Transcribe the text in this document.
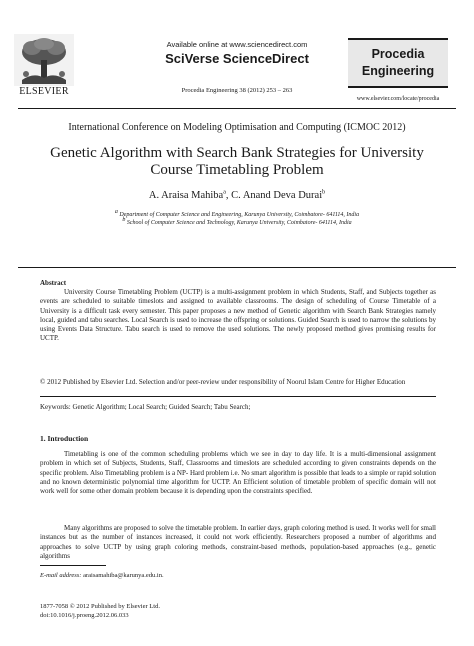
ELSEVIER
Available online at www.sciencedirect.com
SciVerse ScienceDirect
Procedia Engineering 38 (2012) 253 – 263
Procedia
Engineering
www.elsevier.com/locate/procedia
International Conference on Modeling Optimisation and Computing (ICMOC 2012)
Genetic Algorithm with Search Bank Strategies for University
Course Timetabling Problem
A. Araisa Mahiba$^a$, C. Anand Deva Durai$^b$
$^a$ Department of Computer Science and Engineering, Karunya University, Coimbatore- 641114, India
$^b$ School of Computer Science and Technology, Karunya University, Coimbatore- 641114, India
Abstract
University Course Timetabling Problem (UCTP) is a multi-assignment problem in which Students, Staff, and Subjects together as events are scheduled to suitable timeslots and assigned to available classrooms. The design of scheduling of Course Timetable of a University is a difficult task every semester. This paper proposes a new method of Genetic algorithm with Search Bank Strategies namely local, guided and tabu searches. Local Search is used to increase the offspring or solutions. Guided Search is used to narrow the solutions by using Events Data Structure. Tabu search is used to remove the used solutions. The newly proposed method gives promising results for UCTP.
© 2012 Published by Elsevier Ltd. Selection and/or peer-review under responsibility of Noorul Islam Centre for Higher Education
Keywords: Genetic Algorithm; Local Search; Guided Search; Tabu Search;
1. Introduction
Timetabling is one of the common scheduling problems which we see in day to day life. It is a multi-dimensional assignment problem in which set of Subjects, Students, Staff, Classrooms and timeslots are scheduled according to given constraints depends on the specific problem. Also Timetabling problem is a NP- Hard problem i.e. No smart algorithm is possible that leads to a simple or rapid solution and no known deterministic polynomial time algorithm for UCTP. An Efficient solution of timetable problem of specific domain will not work well for some other domain problem because it is depending upon the constraints specified.
Many algorithms are proposed to solve the timetable problem. In earlier days, graph coloring method is used. It works well for small instances but as the number of instances increased, it could not work efficiently. Researchers proposed a number of algorithms and approaches to solve UCTP by using graph coloring methods, constraint-based methods, population-based approaches (e.g., genetic algorithms
E-mail address: araisamahiba@karunya.edu.in.
1877-7058 © 2012 Published by Elsevier Ltd.
doi:10.1016/j.proeng.2012.06.033
